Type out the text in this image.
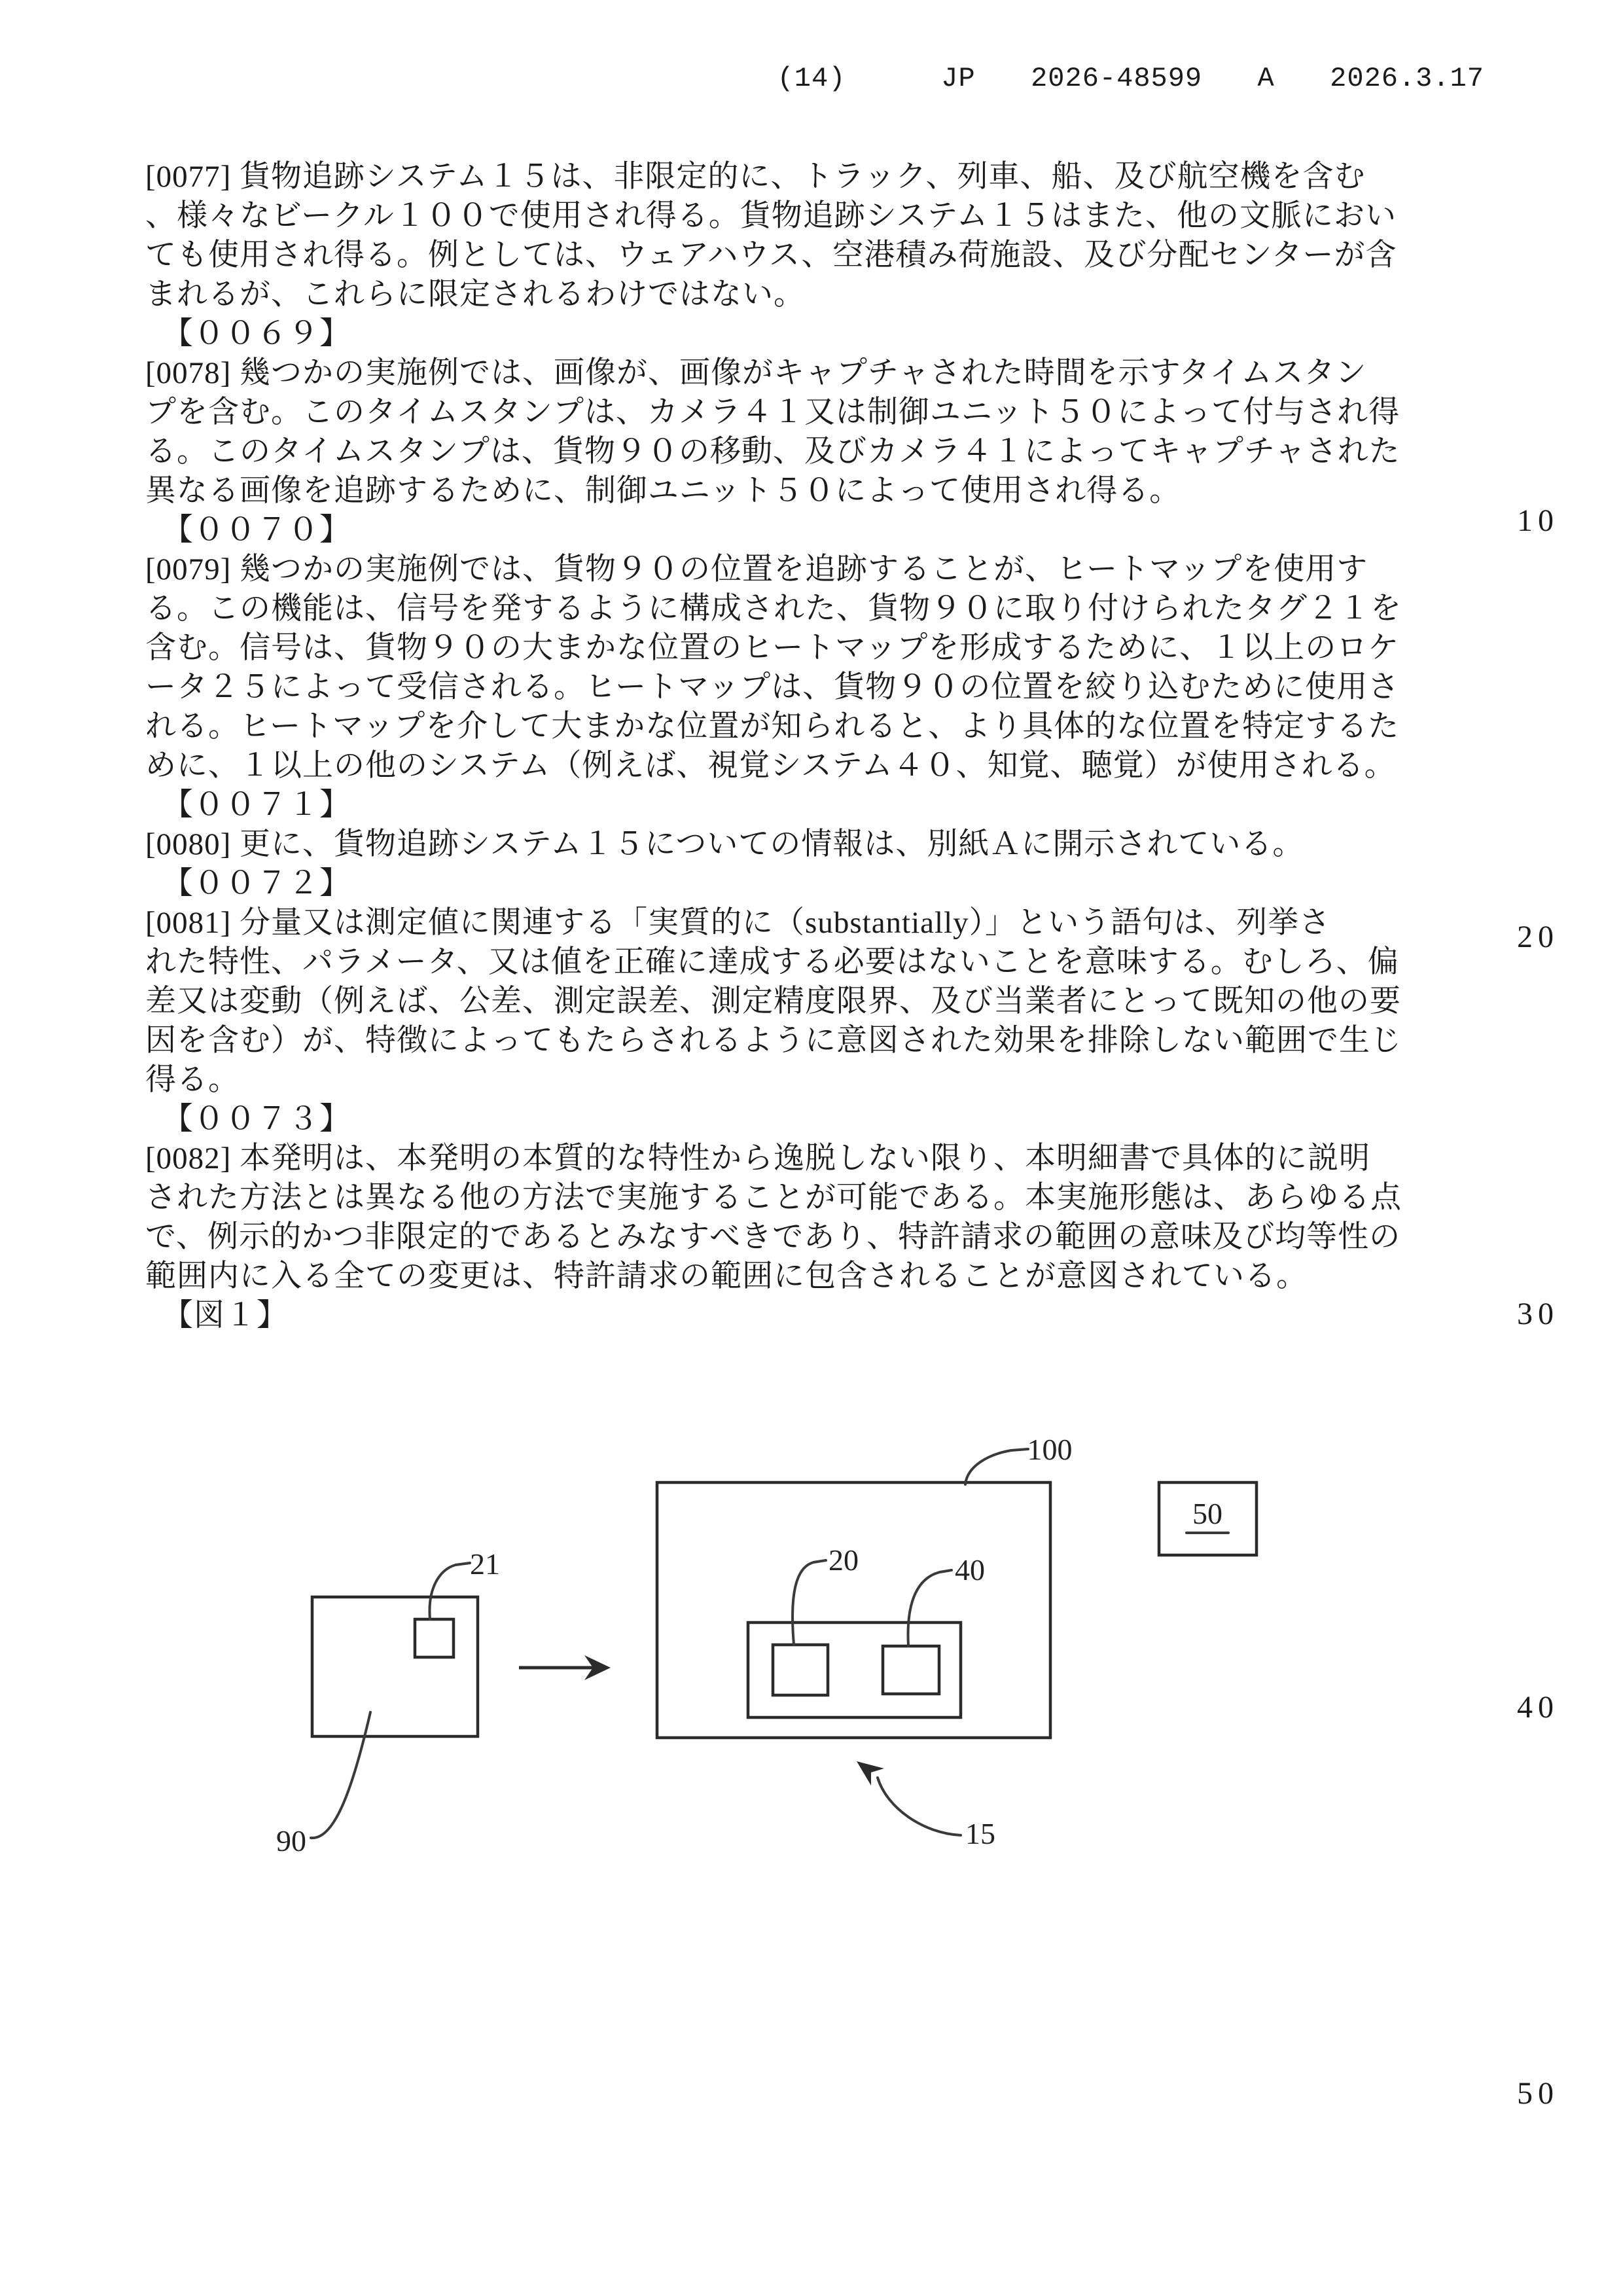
(14)	JP  2026-48599  A  2026.3.17
[0077] 貨物追跡システム１５は、非限定的に、トラック、列車、船、及び航空機を含む
、様々なビークル１００で使用され得る。貨物追跡システム１５はまた、他の文脈におい
ても使用され得る。例としては、ウェアハウス、空港積み荷施設、及び分配センターが含
まれるが、これらに限定されるわけではない。
【００６９】
[0078] 幾つかの実施例では、画像が、画像がキャプチャされた時間を示すタイムスタン
プを含む。このタイムスタンプは、カメラ４１又は制御ユニット５０によって付与され得
る。このタイムスタンプは、貨物９０の移動、及びカメラ４１によってキャプチャされた
異なる画像を追跡するために、制御ユニット５０によって使用され得る。
【００７０】
[0079] 幾つかの実施例では、貨物９０の位置を追跡することが、ヒートマップを使用す
る。この機能は、信号を発するように構成された、貨物９０に取り付けられたタグ２１を
含む。信号は、貨物９０の大まかな位置のヒートマップを形成するために、１以上のロケ
ータ２５によって受信される。ヒートマップは、貨物９０の位置を絞り込むために使用さ
れる。ヒートマップを介して大まかな位置が知られると、より具体的な位置を特定するた
めに、１以上の他のシステム（例えば、視覚システム４０、知覚、聴覚）が使用される。
【００７１】
[0080] 更に、貨物追跡システム１５についての情報は、別紙Ａに開示されている。
【００７２】
[0081] 分量又は測定値に関連する「実質的に（substantially）」という語句は、列挙さ
れた特性、パラメータ、又は値を正確に達成する必要はないことを意味する。むしろ、偏
差又は変動（例えば、公差、測定誤差、測定精度限界、及び当業者にとって既知の他の要
因を含む）が、特徴によってもたらされるように意図された効果を排除しない範囲で生じ
得る。
【００７３】
[0082] 本発明は、本発明の本質的な特性から逸脱しない限り、本明細書で具体的に説明
された方法とは異なる他の方法で実施することが可能である。本実施形態は、あらゆる点
で、例示的かつ非限定的であるとみなすべきであり、特許請求の範囲の意味及び均等性の
範囲内に入る全ての変更は、特許請求の範囲に包含されることが意図されている。
【図１】
10
20
30
40
50
21
90
100
20	40
15
50
